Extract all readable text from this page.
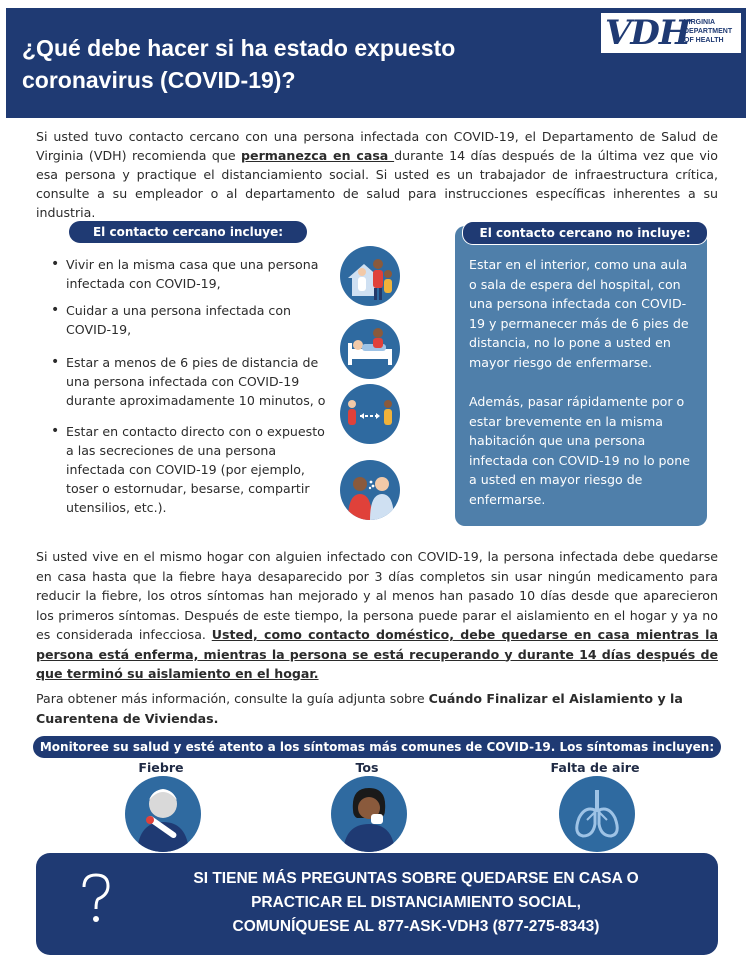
¿Qué debe hacer si ha estado expuesto coronavirus (COVID-19)?
VDH
VIRGINIA
DEPARTMENT
OF HEALTH
Si usted tuvo contacto cercano con una persona infectada con COVID-19, el Departamento de Salud de Virginia (VDH) recomienda que permanezca en casa durante 14 días después de la última vez que vio esa persona y practique el distanciamiento social. Si usted es un trabajador de infraestructura crítica, consulte a su empleador o al departamento de salud para instrucciones específicas inherentes a su industria.
El contacto cercano incluye:
• Vivir en la misma casa que una persona infectada con COVID-19,
• Cuidar a una persona infectada con COVID-19,
• Estar a menos de 6 pies de distancia de una persona infectada con COVID-19 durante aproximadamente 10 minutos, o
• Estar en contacto directo con o expuesto a las secreciones de una persona infectada con COVID-19 (por ejemplo, toser o estornudar, besarse, compartir utensilios, etc.).

Estar en el interior, como una aula o sala de espera del hospital, con una persona infectada con COVID-19 y permanecer más de 6 pies de distancia, no lo pone a usted en mayor riesgo de enfermarse.

Además, pasar rápidamente por o estar brevemente en la misma habitación que una persona infectada con COVID-19 no lo pone a usted en mayor riesgo de enfermarse.

El contacto cercano no incluye:
Si usted vive en el mismo hogar con alguien infectado con COVID-19, la persona infectada debe quedarse en casa hasta que la fiebre haya desaparecido por 3 días completos sin usar ningún medicamento para reducir la fiebre, los otros síntomas han mejorado y al menos han pasado 10 días desde que aparecieron los primeros síntomas. Después de este tiempo, la persona puede parar el aislamiento en el hogar y ya no es considerada infecciosa. Usted, como contacto doméstico, debe quedarse en casa mientras la persona está enferma, mientras la persona se está recuperando y durante 14 días después de que terminó su aislamiento en el hogar.
Para obtener más información, consulte la guía adjunta sobre Cuándo Finalizar el Aislamiento y la Cuarentena de Viviendas.
Monitoree su salud y esté atento a los síntomas más comunes de COVID-19. Los síntomas incluyen:
Fiebre	Tos	Falta de aire
SI TIENE MÁS PREGUNTAS SOBRE QUEDARSE EN CASA O
PRACTICAR EL DISTANCIAMIENTO SOCIAL,
COMUNÍQUESE AL 877-ASK-VDH3 (877-275-8343)
